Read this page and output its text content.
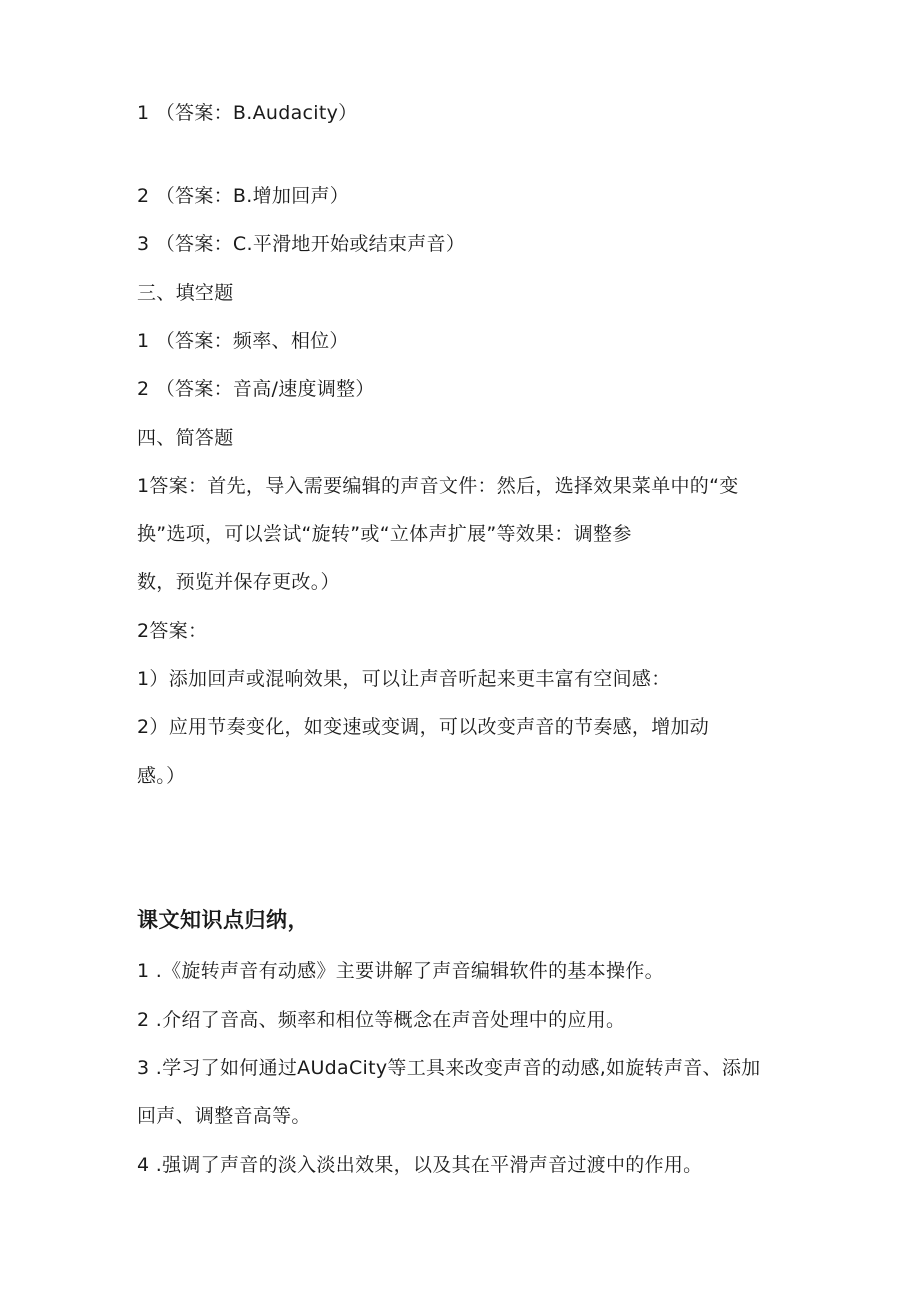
1 （答案：B.Audacity）
2 （答案：B.增加回声）
3 （答案：C.平滑地开始或结束声音）
三、填空题
1 （答案：频率、相位）
2 （答案：音高/速度调整）
四、简答题
1答案：首先，导入需要编辑的声音文件：然后，选择效果菜单中的“变
换”选项，可以尝试“旋转”或“立体声扩展”等效果：调整参
数，预览并保存更改。）
2答案：
1）添加回声或混响效果，可以让声音听起来更丰富有空间感：
2）应用节奏变化，如变速或变调，可以改变声音的节奏感，增加动
感。）
课文知识点归纳，
1 .《旋转声音有动感》主要讲解了声音编辑软件的基本操作。
2 .介绍了音高、频率和相位等概念在声音处理中的应用。
3 .学习了如何通过AUdaCity等工具来改变声音的动感,如旋转声音、添加
回声、调整音高等。
4 .强调了声音的淡入淡出效果，以及其在平滑声音过渡中的作用。
